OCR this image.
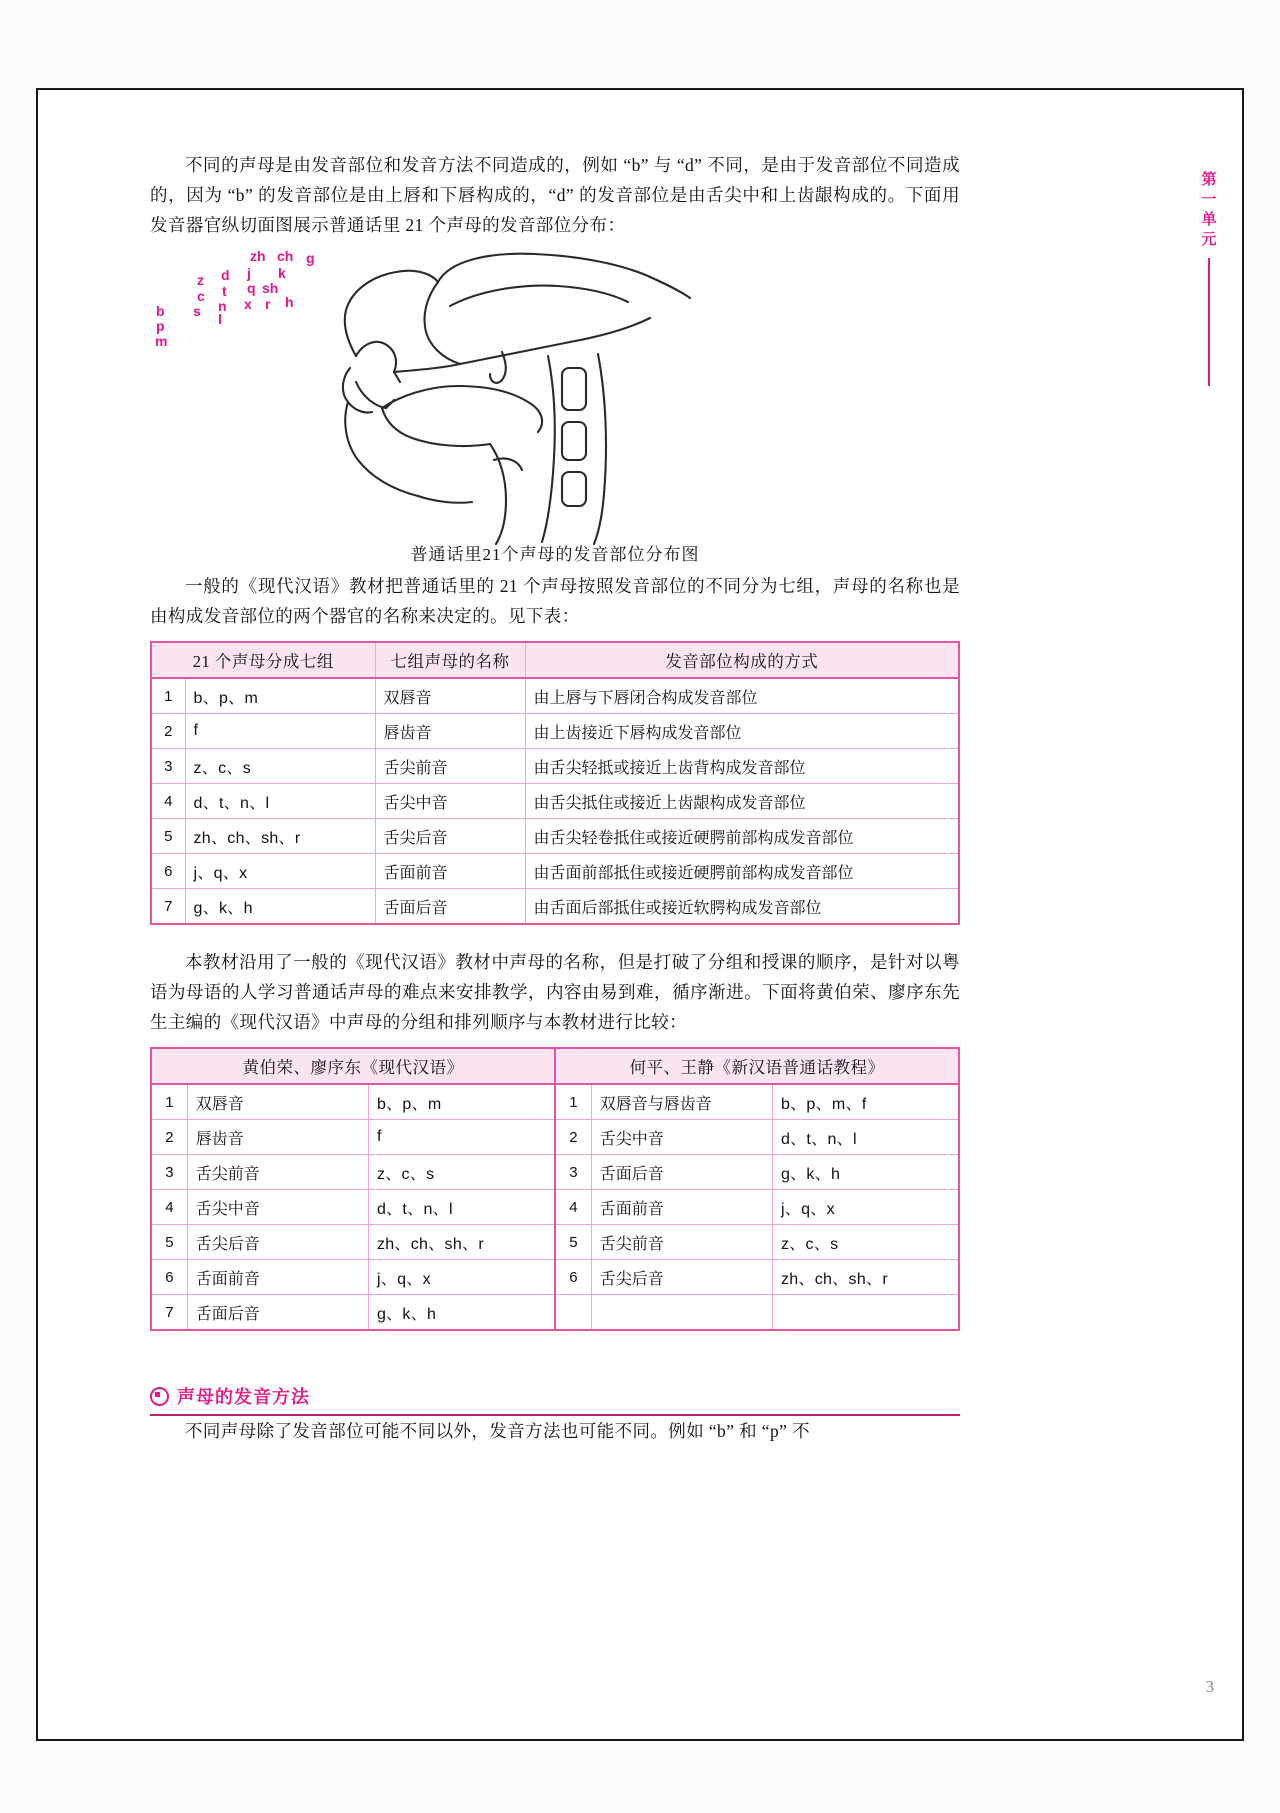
不同的声母是由发音部位和发音方法不同造成的，例如 “b” 与 “d” 不同，是由于发音部位不同造成的，因为 “b” 的发音部位是由上唇和下唇构成的，“d” 的发音部位是由舌尖中和上齿龈构成的。下面用发音器官纵切面图展示普通话里 21 个声母的发音部位分布：

zh ch g
z d j k
c t q sh
s n x r h
b	l
p
m
普通话里21个声母的发音部位分布图

一般的《现代汉语》教材把普通话里的 21 个声母按照发音部位的不同分为七组，声母的名称也是由构成发音部位的两个器官的名称来决定的。见下表：

21 个声母分成七组		七组声母的名称	发音部位构成的方式
1	b、p、m	双唇音	由上唇与下唇闭合构成发音部位
2	f	唇齿音	由上齿接近下唇构成发音部位
3	z、c、s	舌尖前音	由舌尖轻抵或接近上齿背构成发音部位
4	d、t、n、l	舌尖中音	由舌尖抵住或接近上齿龈构成发音部位
5	zh、ch、sh、r	舌尖后音	由舌尖轻卷抵住或接近硬腭前部构成发音部位
6	j、q、x	舌面前音	由舌面前部抵住或接近硬腭前部构成发音部位
7	g、k、h	舌面后音	由舌面后部抵住或接近软腭构成发音部位

本教材沿用了一般的《现代汉语》教材中声母的名称，但是打破了分组和授课的顺序，是针对以粤语为母语的人学习普通话声母的难点来安排教学，内容由易到难，循序渐进。下面将黄伯荣、廖序东先生主编的《现代汉语》中声母的分组和排列顺序与本教材进行比较：

黄伯荣、廖序东《现代汉语》			何平、王静《新汉语普通话教程》		
1	双唇音	b、p、m	1	双唇音与唇齿音	b、p、m、f
2	唇齿音	f	2	舌尖中音	d、t、n、l
3	舌尖前音	z、c、s	3	舌面后音	g、k、h
4	舌尖中音	d、t、n、l	4	舌面前音	j、q、x
5	舌尖后音	zh、ch、sh、r	5	舌尖前音	z、c、s
6	舌面前音	j、q、x	6	舌尖后音	zh、ch、sh、r
7	舌面后音	g、k、h			
声母的发音方法

不同声母除了发音部位可能不同以外，发音方法也可能不同。例如 “b” 和 “p” 不

第
一
单
元
3
